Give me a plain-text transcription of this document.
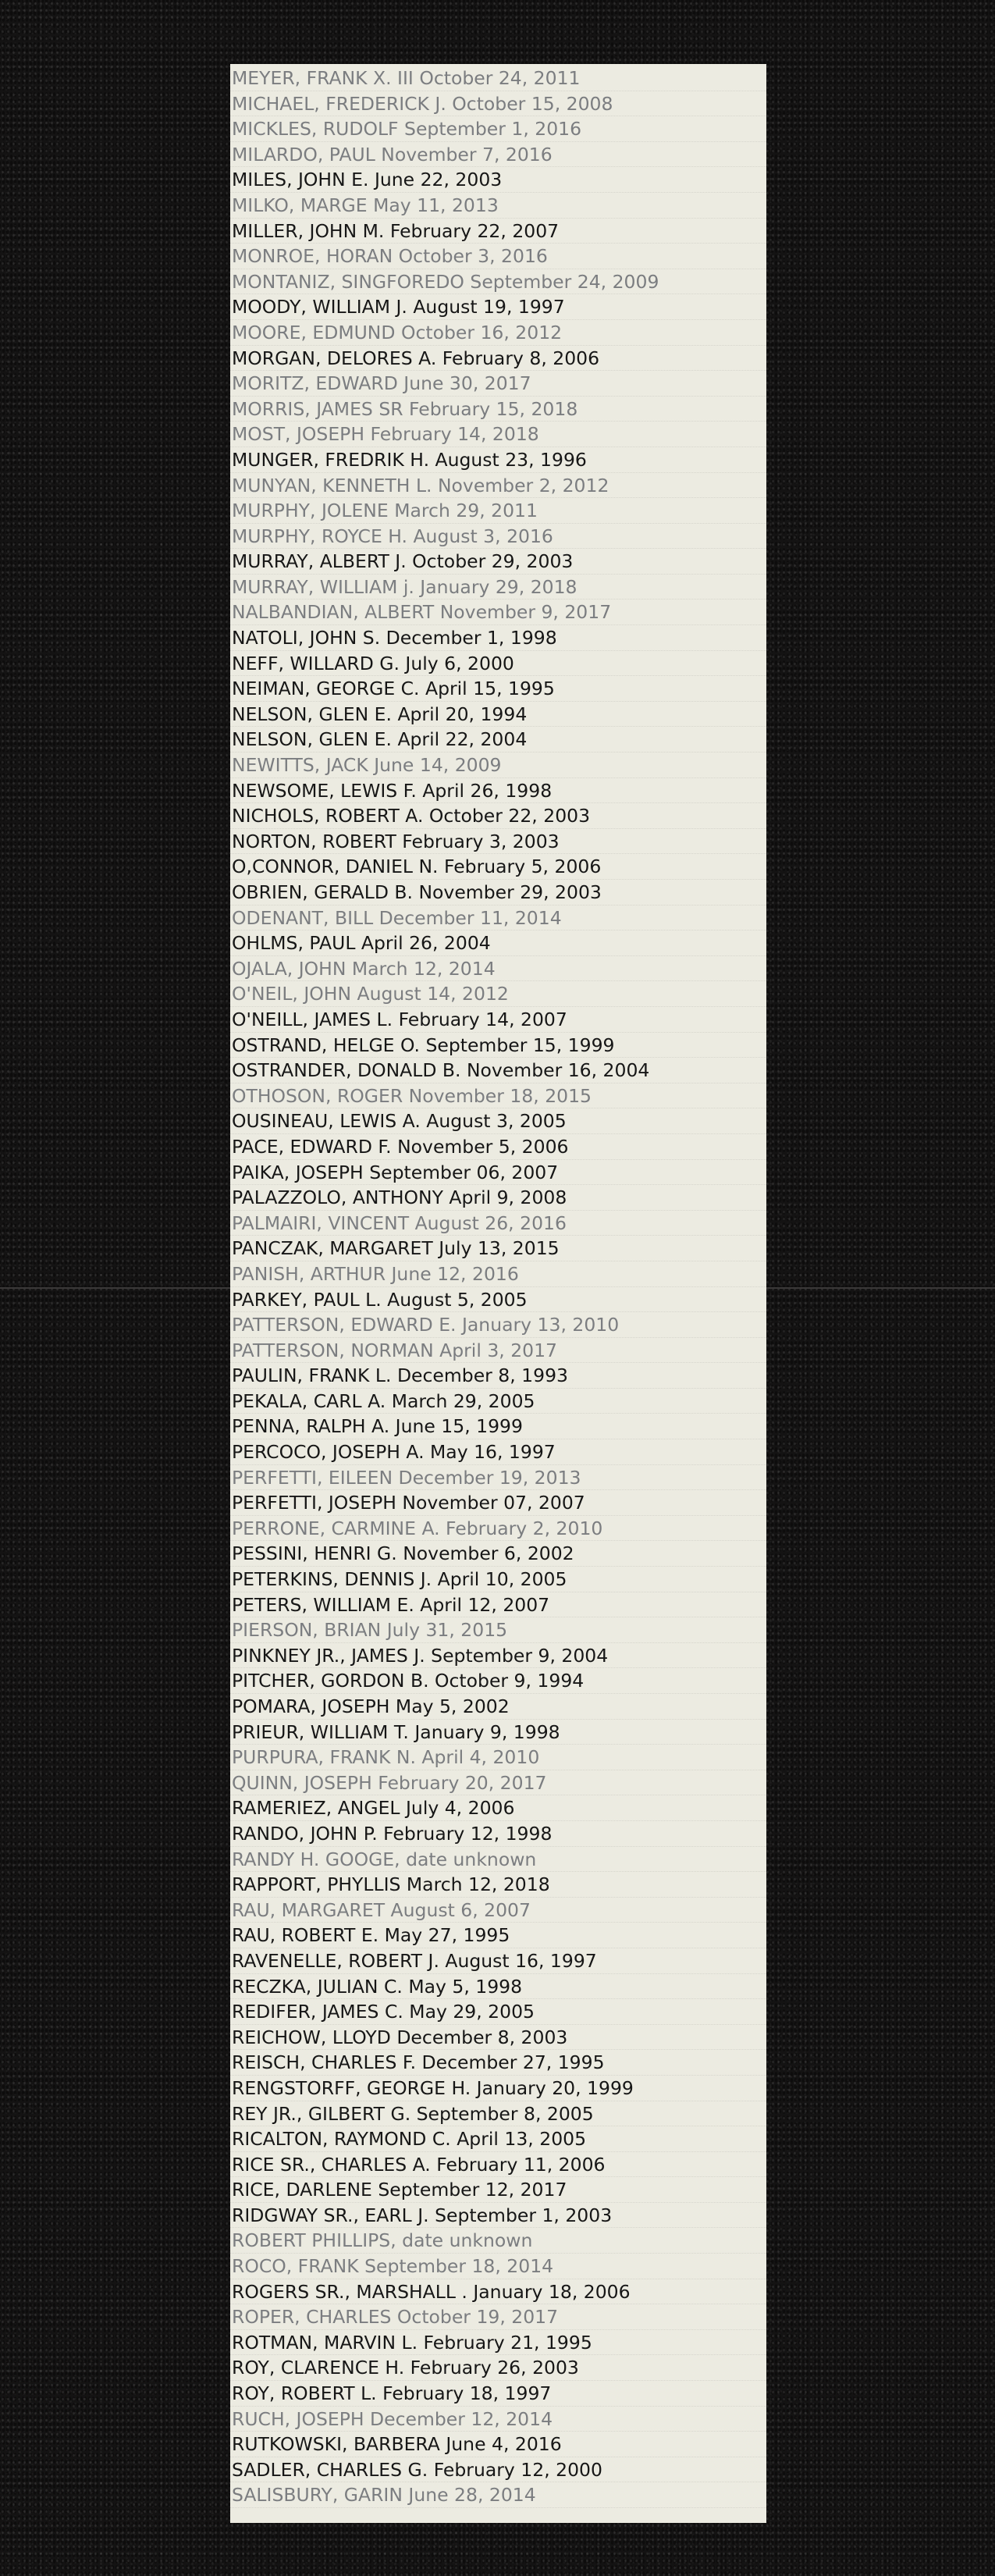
MEYER, FRANK X. III October 24, 2011
MICHAEL, FREDERICK J. October 15, 2008
MICKLES, RUDOLF September 1, 2016
MILARDO, PAUL November 7, 2016
MILES, JOHN E. June 22, 2003
MILKO, MARGE May 11, 2013
MILLER, JOHN M. February 22, 2007
MONROE, HORAN October 3, 2016
MONTANIZ, SINGFOREDO September 24, 2009
MOODY, WILLIAM J. August 19, 1997
MOORE, EDMUND October 16, 2012
MORGAN, DELORES A. February 8, 2006
MORITZ, EDWARD June 30, 2017
MORRIS, JAMES SR February 15, 2018
MOST, JOSEPH February 14, 2018
MUNGER, FREDRIK H. August 23, 1996
MUNYAN, KENNETH L. November 2, 2012
MURPHY, JOLENE March 29, 2011
MURPHY, ROYCE H. August 3, 2016
MURRAY, ALBERT J. October 29, 2003
MURRAY, WILLIAM j. January 29, 2018
NALBANDIAN, ALBERT November 9, 2017
NATOLI, JOHN S. December 1, 1998
NEFF, WILLARD G. July 6, 2000
NEIMAN, GEORGE C. April 15, 1995
NELSON, GLEN E. April 20, 1994
NELSON, GLEN E. April 22, 2004
NEWITTS, JACK June 14, 2009
NEWSOME, LEWIS F. April 26, 1998
NICHOLS, ROBERT A. October 22, 2003
NORTON, ROBERT February 3, 2003
O,CONNOR, DANIEL N. February 5, 2006
OBRIEN, GERALD B. November 29, 2003
ODENANT, BILL December 11, 2014
OHLMS, PAUL April 26, 2004
OJALA, JOHN March 12, 2014
O'NEIL, JOHN August 14, 2012
O'NEILL, JAMES L. February 14, 2007
OSTRAND, HELGE O. September 15, 1999
OSTRANDER, DONALD B. November 16, 2004
OTHOSON, ROGER November 18, 2015
OUSINEAU, LEWIS A. August 3, 2005
PACE, EDWARD F. November 5, 2006
PAIKA, JOSEPH September 06, 2007
PALAZZOLO, ANTHONY April 9, 2008
PALMAIRI, VINCENT August 26, 2016
PANCZAK, MARGARET July 13, 2015
PANISH, ARTHUR June 12, 2016
PARKEY, PAUL L. August 5, 2005
PATTERSON, EDWARD E. January 13, 2010
PATTERSON, NORMAN April 3, 2017
PAULIN, FRANK L. December 8, 1993
PEKALA, CARL A. March 29, 2005
PENNA, RALPH A. June 15, 1999
PERCOCO, JOSEPH A. May 16, 1997
PERFETTI, EILEEN December 19, 2013
PERFETTI, JOSEPH November 07, 2007
PERRONE, CARMINE A. February 2, 2010
PESSINI, HENRI G. November 6, 2002
PETERKINS, DENNIS J. April 10, 2005
PETERS, WILLIAM E. April 12, 2007
PIERSON, BRIAN July 31, 2015
PINKNEY JR., JAMES J. September 9, 2004
PITCHER, GORDON B. October 9, 1994
POMARA, JOSEPH May 5, 2002
PRIEUR, WILLIAM T. January 9, 1998
PURPURA, FRANK N. April 4, 2010
QUINN, JOSEPH February 20, 2017
RAMERIEZ, ANGEL July 4, 2006
RANDO, JOHN P. February 12, 1998
RANDY H. GOOGE, date unknown
RAPPORT, PHYLLIS March 12, 2018
RAU, MARGARET August 6, 2007
RAU, ROBERT E. May 27, 1995
RAVENELLE, ROBERT J. August 16, 1997
RECZKA, JULIAN C. May 5, 1998
REDIFER, JAMES C. May 29, 2005
REICHOW, LLOYD December 8, 2003
REISCH, CHARLES F. December 27, 1995
RENGSTORFF, GEORGE H. January 20, 1999
REY JR., GILBERT G. September 8, 2005
RICALTON, RAYMOND C. April 13, 2005
RICE SR., CHARLES A. February 11, 2006
RICE, DARLENE September 12, 2017
RIDGWAY SR., EARL J. September 1, 2003
ROBERT PHILLIPS, date unknown
ROCO, FRANK September 18, 2014
ROGERS SR., MARSHALL . January 18, 2006
ROPER, CHARLES October 19, 2017
ROTMAN, MARVIN L. February 21, 1995
ROY, CLARENCE H. February 26, 2003
ROY, ROBERT L. February 18, 1997
RUCH, JOSEPH December 12, 2014
RUTKOWSKI, BARBERA June 4, 2016
SADLER, CHARLES G. February 12, 2000
SALISBURY, GARIN June 28, 2014
